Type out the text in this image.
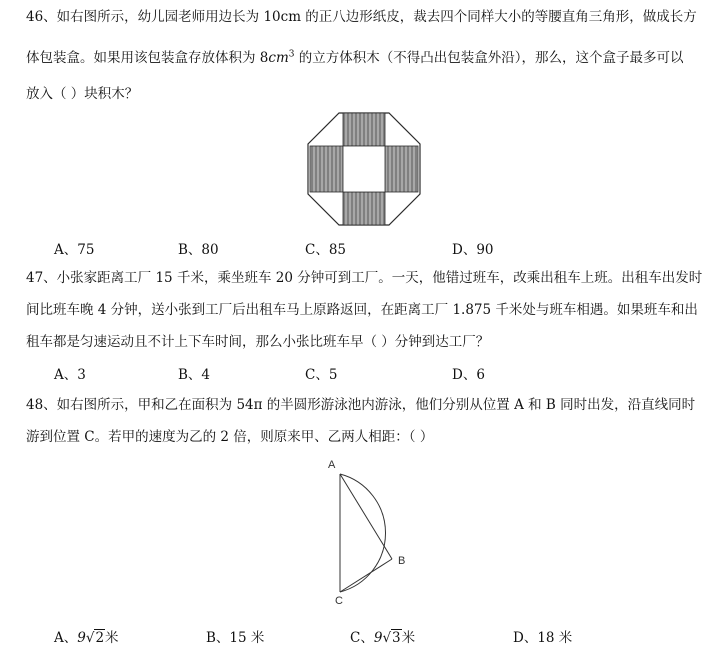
46、如右图所示，幼儿园老师用边长为 10cm 的正八边形纸皮，裁去四个同样大小的等腰直角三角形，做成长方
体包装盒。如果用该包装盒存放体积为 $8cm^3$ 的立方体积木（不得凸出包装盒外沿），那么，这个盒子最多可以
放入（ ）块积木？
A、75	B、80	C、85	D、90
47、小张家距离工厂 15 千米，乘坐班车 20 分钟可到工厂。一天，他错过班车，改乘出租车上班。出租车出发时
间比班车晚 4 分钟，送小张到工厂后出租车马上原路返回，在距离工厂 1.875 千米处与班车相遇。如果班车和出
租车都是匀速运动且不计上下车时间，那么小张比班车早（ ）分钟到达工厂？
A、3	B、4	C、5	D、6
48、如右图所示，甲和乙在面积为 54π 的半圆形游泳池内游泳，他们分别从位置 A 和 B 同时出发，沿直线同时
游到位置 C。若甲的速度为乙的 2 倍，则原来甲、乙两人相距：（ ）
A
B
C
A、9√2米	B、15 米	C、9√3米	D、18 米
